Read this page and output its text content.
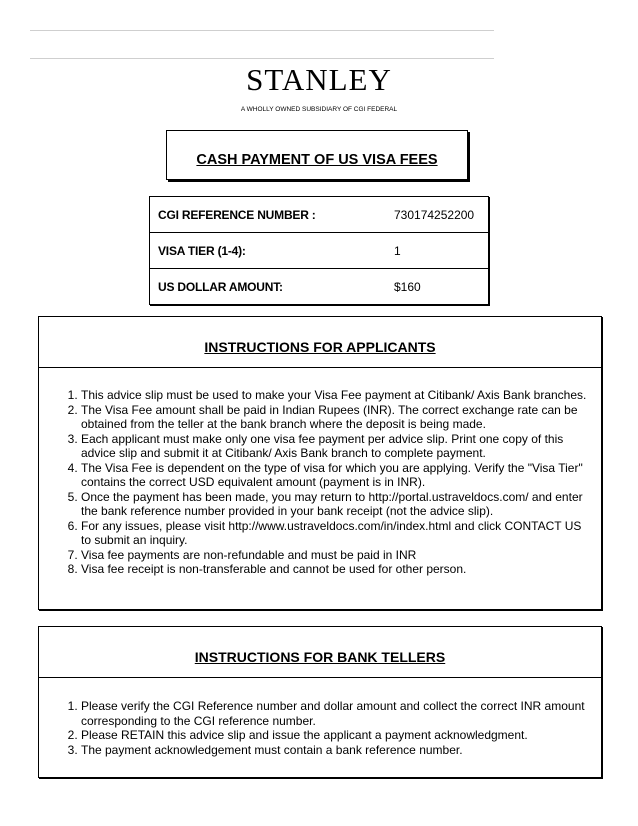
STANLEY
A WHOLLY OWNED SUBSIDIARY OF CGI FEDERAL
CASH PAYMENT OF US VISA FEES
CGI REFERENCE NUMBER :	730174252200
VISA TIER (1-4):	1
US DOLLAR AMOUNT:	$160
INSTRUCTIONS FOR APPLICANTS
1. This advice slip must be used to make your Visa Fee payment at Citibank/ Axis Bank branches.
2. The Visa Fee amount shall be paid in Indian Rupees (INR). The correct exchange rate can be obtained from the teller at the bank branch where the deposit is being made.
3. Each applicant must make only one visa fee payment per advice slip. Print one copy of this advice slip and submit it at Citibank/ Axis Bank branch to complete payment.
4. The Visa Fee is dependent on the type of visa for which you are applying. Verify the "Visa Tier" contains the correct USD equivalent amount (payment is in INR).
5. Once the payment has been made, you may return to http://portal.ustraveldocs.com/ and enter the bank reference number provided in your bank receipt (not the advice slip).
6. For any issues, please visit http://www.ustraveldocs.com/in/index.html and click CONTACT US to submit an inquiry.
7. Visa fee payments are non-refundable and must be paid in INR
8. Visa fee receipt is non-transferable and cannot be used for other person.
INSTRUCTIONS FOR BANK TELLERS
1. Please verify the CGI Reference number and dollar amount and collect the correct INR amount corresponding to the CGI reference number.
2. Please RETAIN this advice slip and issue the applicant a payment acknowledgment.
3. The payment acknowledgement must contain a bank reference number.
